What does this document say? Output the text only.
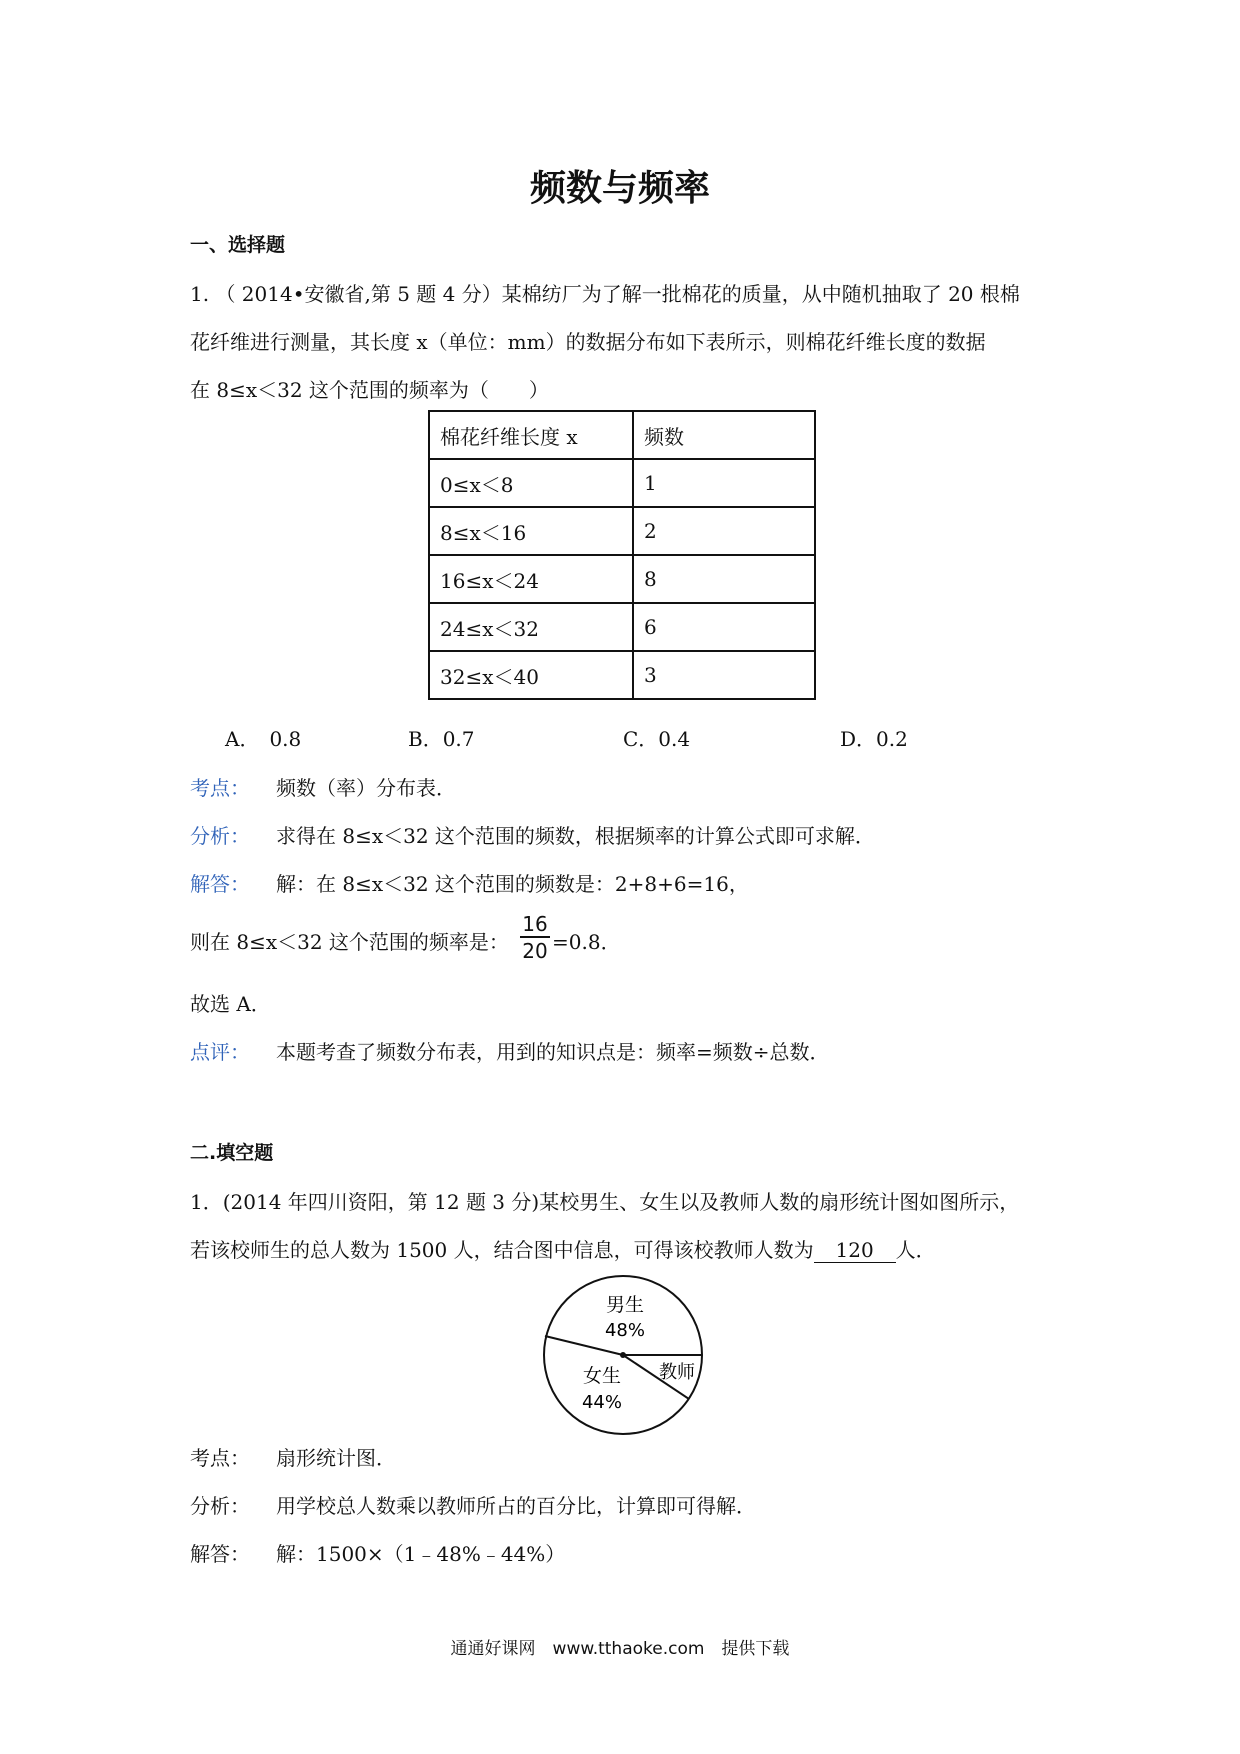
频数与频率
一、选择题
1. （ 2014•安徽省,第 5 题 4 分）某棉纺厂为了解一批棉花的质量，从中随机抽取了 20 根棉
花纤维进行测量，其长度 x（单位：mm）的数据分布如下表所示，则棉花纤维长度的数据
在 8≤x＜32 这个范围的频率为（　　）
棉花纤维长度 x	频数
0≤x＜8	1
8≤x＜16	2
16≤x＜24	8
24≤x＜32	6
32≤x＜40	3
A．　0.8	B．0.7	C．0.4	D．0.2
考点： 频数（率）分布表．
分析： 求得在 8≤x＜32 这个范围的频数，根据频率的计算公式即可求解．
解答： 解：在 8≤x＜32 这个范围的频数是：2+8+6=16，
则在 8≤x＜32 这个范围的频率是： $\frac{16}{20} =0.8$．
故选 A．
点评： 本题考查了频数分布表，用到的知识点是：频率=频数÷总数．
二.填空题
1．(2014 年四川资阳，第 12 题 3 分)某校男生、女生以及教师人数的扇形统计图如图所示，
若该校师生的总人数为 1500 人，结合图中信息，可得该校教师人数为 120 人．
男生
48%
女生
44%
教师
考点： 扇形统计图．
分析： 用学校总人数乘以教师所占的百分比，计算即可得解．
解答： 解：1500×（1﹣48%﹣44%）
通通好课网　www.tthaoke.com　提供下载
